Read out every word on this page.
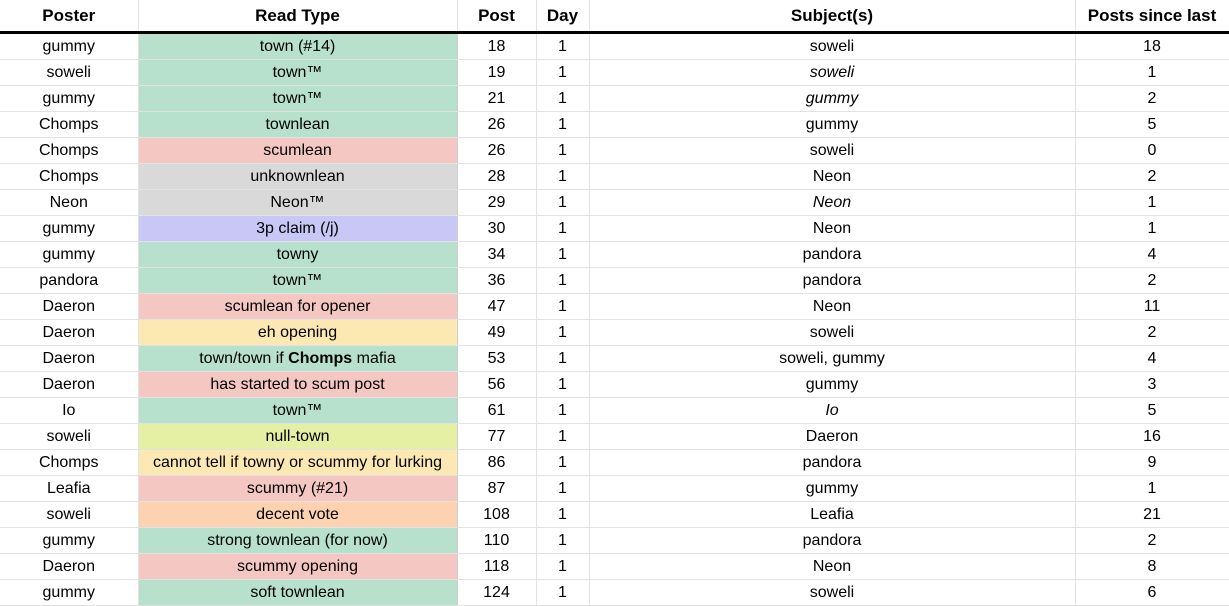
Poster	Read Type	Post	Day	Subject(s)	Posts since last
gummy	town (#14)	18	1	soweli	18
soweli	town™	19	1	soweli	1
gummy	town™	21	1	gummy	2
Chomps	townlean	26	1	gummy	5
Chomps	scumlean	26	1	soweli	0
Chomps	unknownlean	28	1	Neon	2
Neon	Neon™	29	1	Neon	1
gummy	3p claim (/j)	30	1	Neon	1
gummy	towny	34	1	pandora	4
pandora	town™	36	1	pandora	2
Daeron	scumlean for opener	47	1	Neon	11
Daeron	eh opening	49	1	soweli	2
Daeron	town/town if Chomps mafia	53	1	soweli, gummy	4
Daeron	has started to scum post	56	1	gummy	3
Io	town™	61	1	Io	5
soweli	null-town	77	1	Daeron	16
Chomps	cannot tell if towny or scummy for lurking	86	1	pandora	9
Leafia	scummy (#21)	87	1	gummy	1
soweli	decent vote	108	1	Leafia	21
gummy	strong townlean (for now)	110	1	pandora	2
Daeron	scummy opening	118	1	Neon	8
gummy	soft townlean	124	1	soweli	6
